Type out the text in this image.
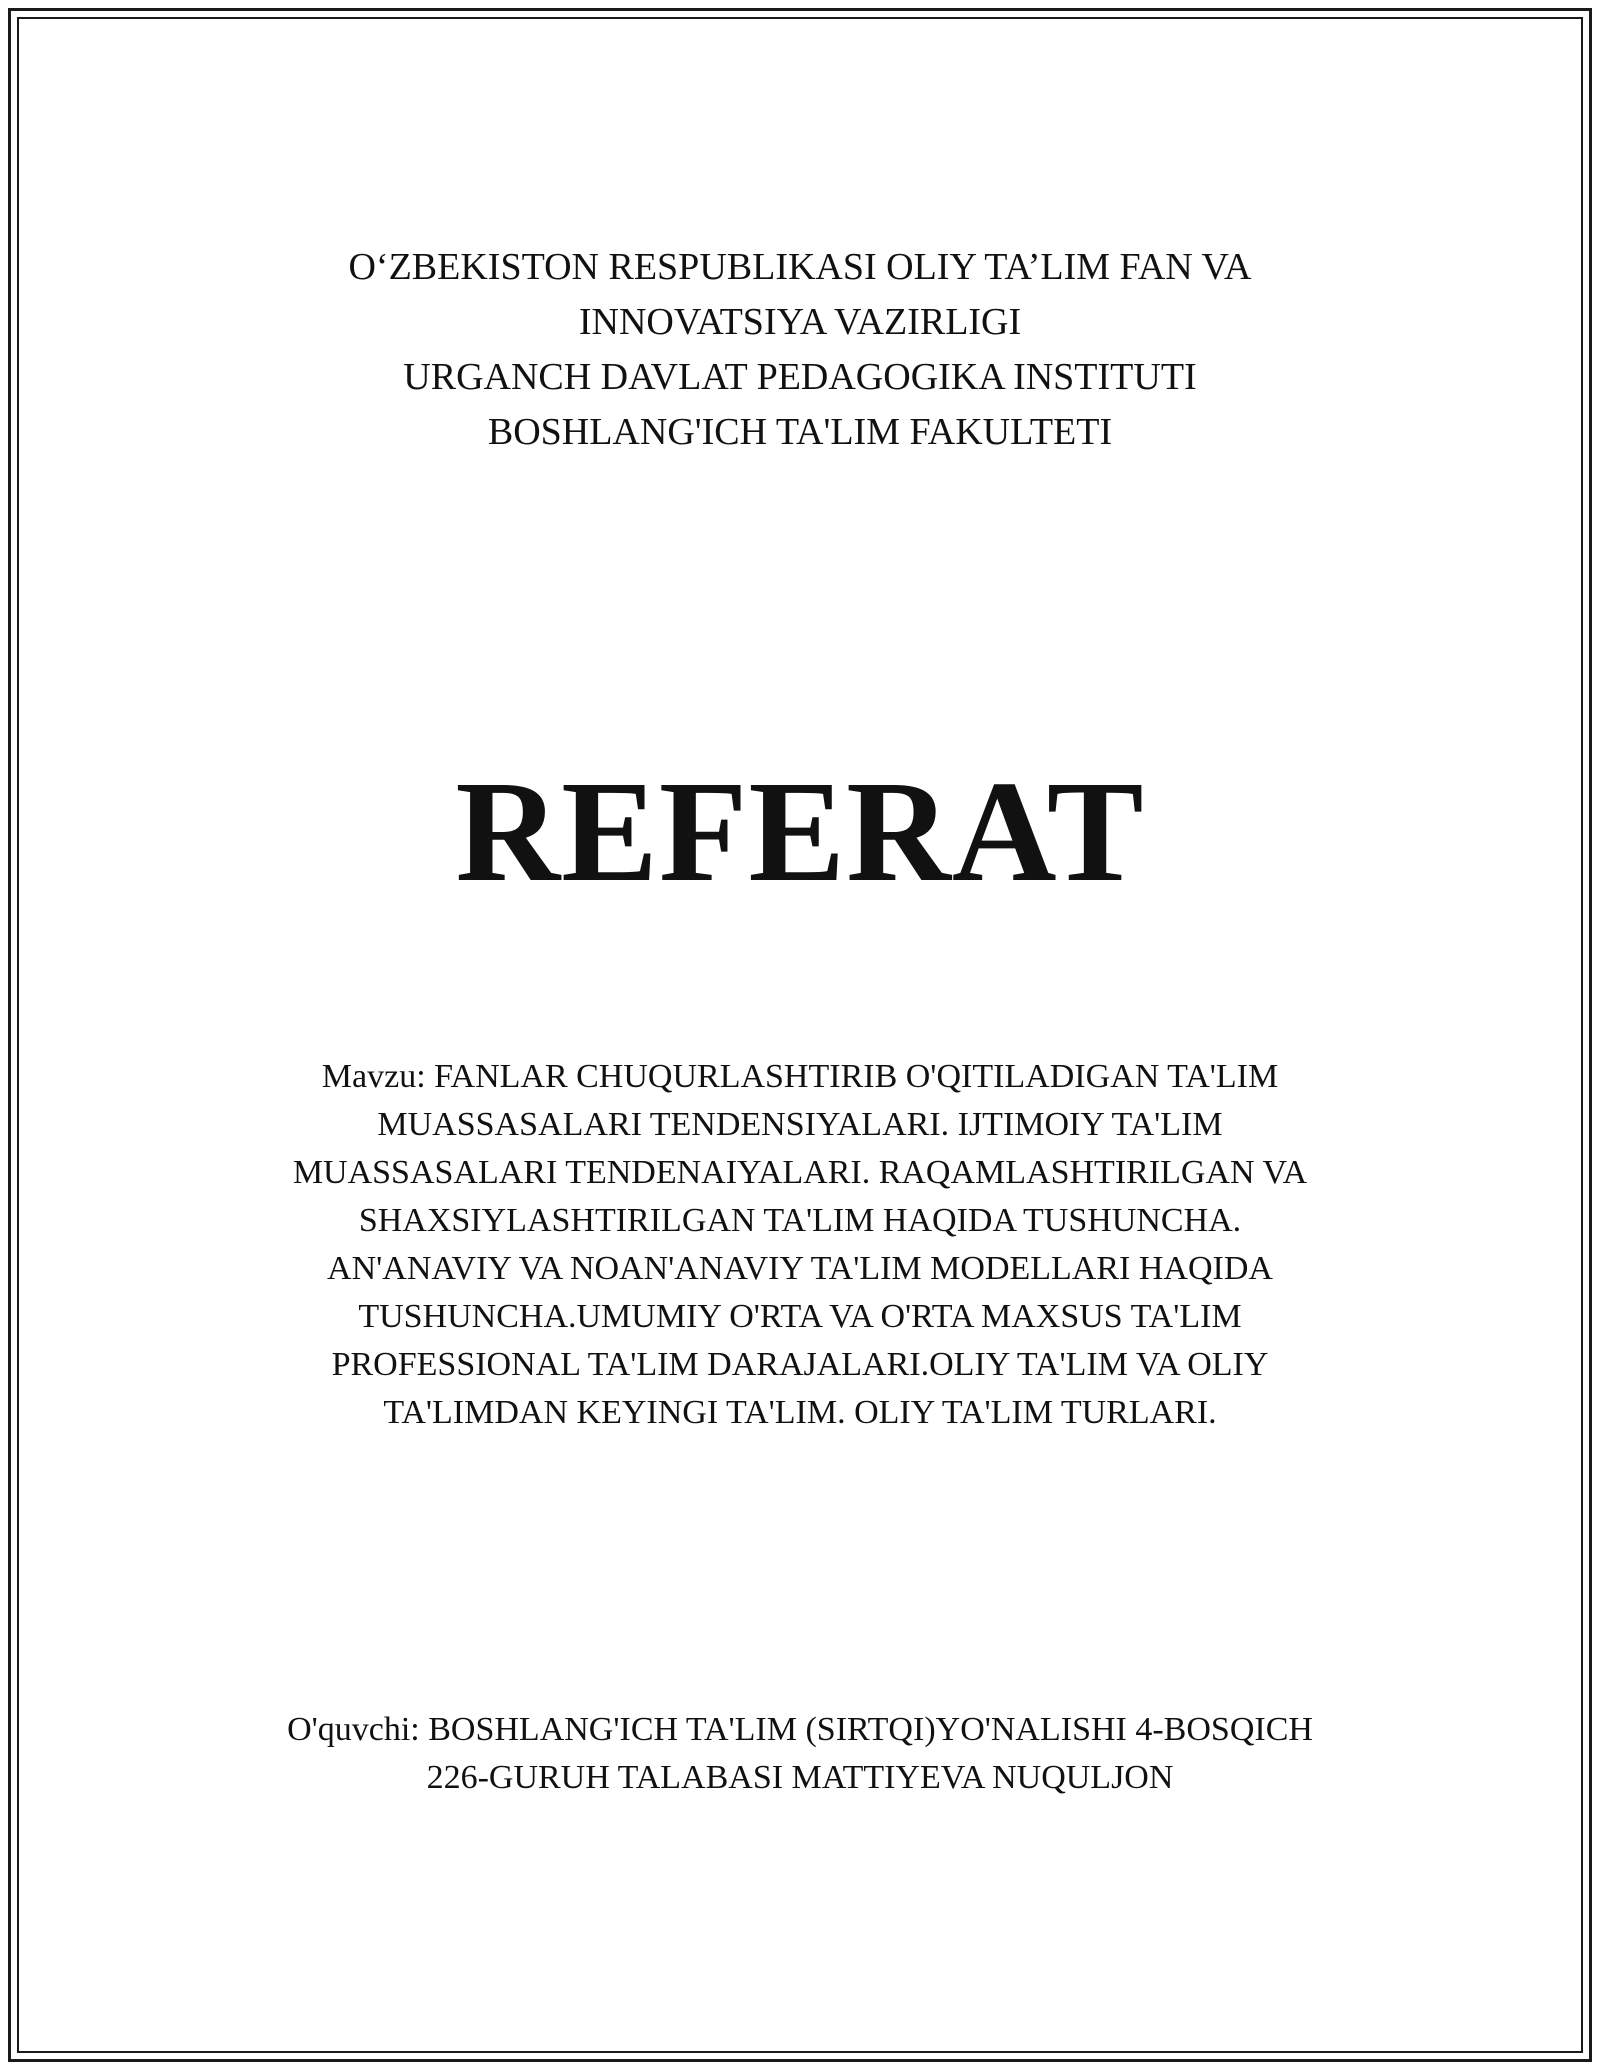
O‘ZBEKISTON RESPUBLIKASI OLIY TA’LIM FAN VA
INNOVATSIYA VAZIRLIGI
URGANCH DAVLAT PEDAGOGIKA INSTITUTI
BOSHLANG'ICH TA'LIM FAKULTETI
REFERAT
Mavzu: FANLAR CHUQURLASHTIRIB O'QITILADIGAN TA'LIM
MUASSASALARI TENDENSIYALARI. IJTIMOIY TA'LIM
MUASSASALARI TENDENAIYALARI. RAQAMLASHTIRILGAN VA
SHAXSIYLASHTIRILGAN TA'LIM HAQIDA TUSHUNCHA.
AN'ANAVIY VA NOAN'ANAVIY TA'LIM MODELLARI HAQIDA
TUSHUNCHA.UMUMIY O'RTA VA O'RTA MAXSUS TA'LIM
PROFESSIONAL TA'LIM DARAJALARI.OLIY TA'LIM VA OLIY
TA'LIMDAN KEYINGI TA'LIM. OLIY TA'LIM TURLARI.
O'quvchi: BOSHLANG'ICH TA'LIM (SIRTQI)YO'NALISHI 4-BOSQICH
226-GURUH TALABASI MATTIYEVA NUQULJON
